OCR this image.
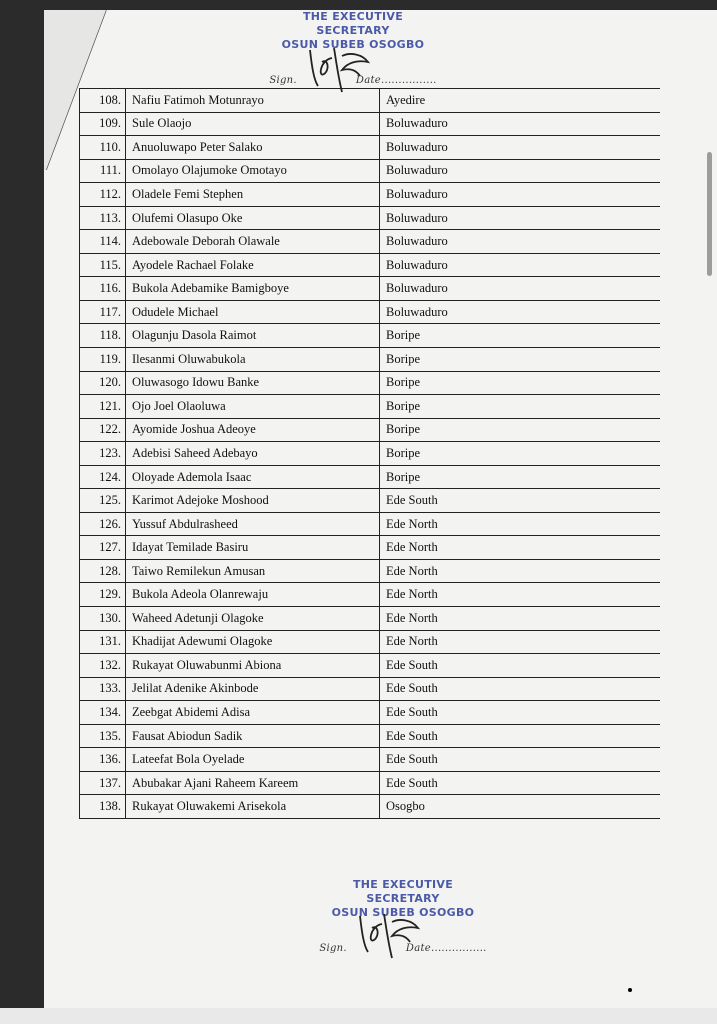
THE EXECUTIVE SECRETARY
OSUN SUBEB OSOGBO
Sign.	Date................
108.	Nafiu Fatimoh Motunrayo	Ayedire
109.	Sule Olaojo	Boluwaduro
110.	Anuoluwapo Peter Salako	Boluwaduro
111.	Omolayo Olajumoke Omotayo	Boluwaduro
112.	Oladele Femi Stephen	Boluwaduro
113.	Olufemi Olasupo Oke	Boluwaduro
114.	Adebowale Deborah Olawale	Boluwaduro
115.	Ayodele Rachael Folake	Boluwaduro
116.	Bukola Adebamike Bamigboye	Boluwaduro
117.	Odudele Michael	Boluwaduro
118.	Olagunju Dasola Raimot	Boripe
119.	Ilesanmi Oluwabukola	Boripe
120.	Oluwasogo Idowu Banke	Boripe
121.	Ojo Joel Olaoluwa	Boripe
122.	Ayomide Joshua Adeoye	Boripe
123.	Adebisi Saheed Adebayo	Boripe
124.	Oloyade Ademola Isaac	Boripe
125.	Karimot Adejoke Moshood	Ede South
126.	Yussuf Abdulrasheed	Ede North
127.	Idayat Temilade Basiru	Ede North
128.	Taiwo Remilekun Amusan	Ede North
129.	Bukola Adeola Olanrewaju	Ede North
130.	Waheed Adetunji Olagoke	Ede North
131.	Khadijat Adewumi Olagoke	Ede North
132.	Rukayat Oluwabunmi Abiona	Ede South
133.	Jelilat Adenike Akinbode	Ede South
134.	Zeebgat Abidemi Adisa	Ede South
135.	Fausat Abiodun Sadik	Ede South
136.	Lateefat Bola Oyelade	Ede South
137.	Abubakar Ajani Raheem Kareem	Ede South
138.	Rukayat Oluwakemi Arisekola	Osogbo
THE EXECUTIVE SECRETARY
OSUN SUBEB OSOGBO
Sign.	Date................
